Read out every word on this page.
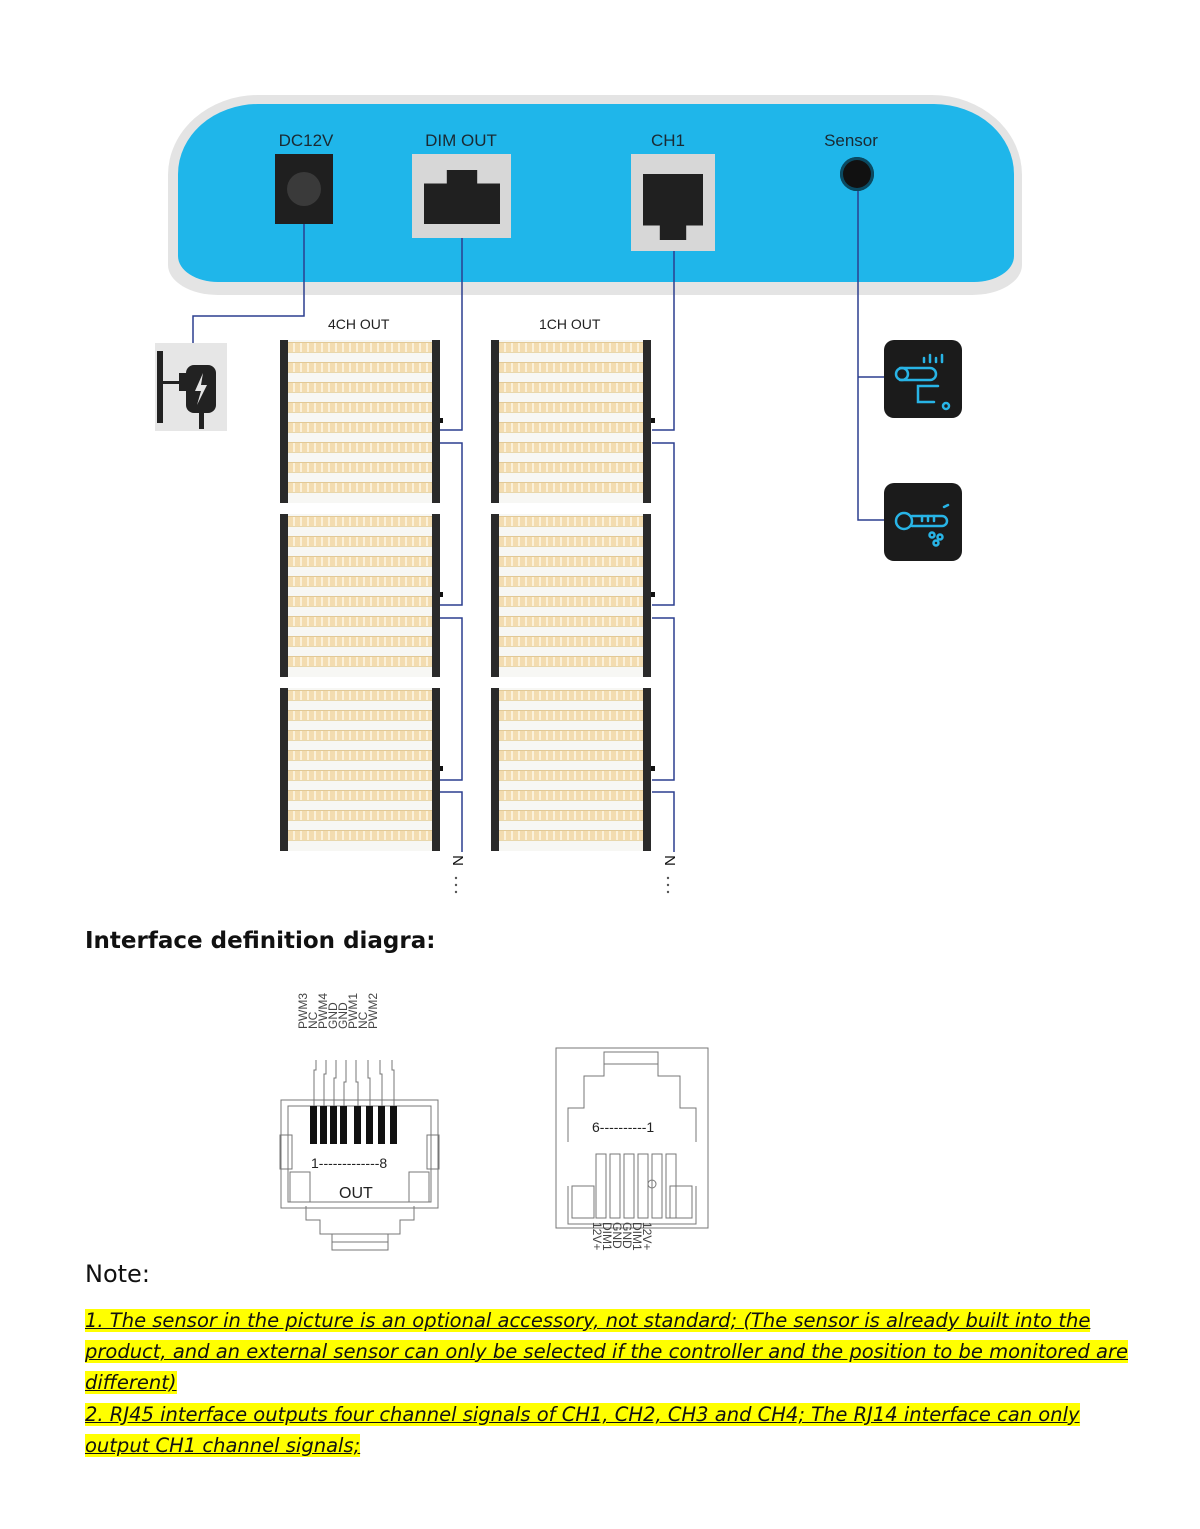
DC12V	DIM OUT	CH1	Sensor
N	N
4CH OUT	1CH OUT
Interface definition diagra:
PWM3
NC
PWM4
GND
GND
PWM1
NC
PWM2
1-------------8
OUT
6----------1
12V+
DIM1
GND
GND
DIM1
12V+
Note:
1. The sensor in the picture is an optional accessory, not standard; (The sensor is already built into the product, and an external sensor can only be selected if the controller and the position to be monitored are different)
2. RJ45 interface outputs four channel signals of CH1, CH2, CH3 and CH4; The RJ14 interface can only output CH1 channel signals;
